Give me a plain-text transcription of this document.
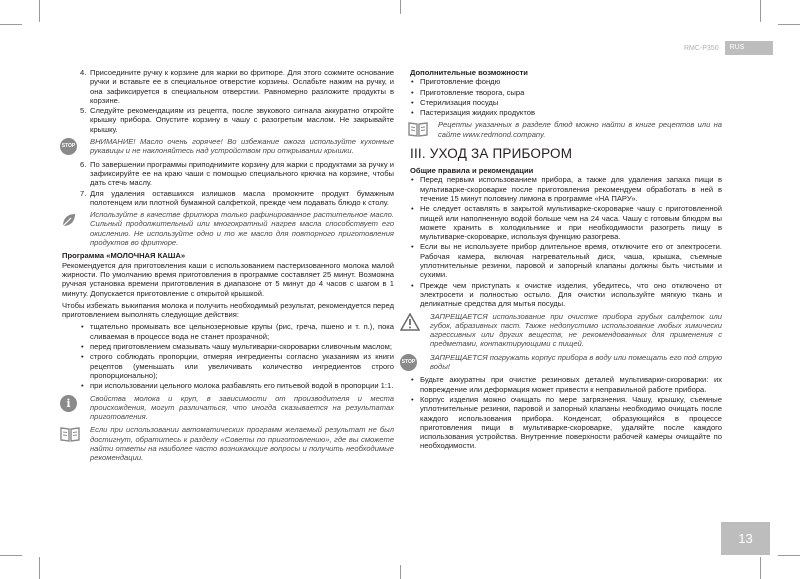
RMC-P350	RUS
4. Присоедините ручку к корзине для жарки во фритюре. Для этого сожмите основание ручки и вставьте ее в специальное отверстие корзины. Ослабьте нажим на ручку, и она зафиксируется в специальном отверстии. Равномерно разложите продукты в корзине.
5. Следуйте рекомендациям из рецепта, после звукового сигнала аккуратно откройте крышку прибора. Опустите корзину в чашу с разогретым маслом. Не закрывайте крышку.
STOP ВНИМАНИЕ! Масло очень горячее! Во избежание ожога используйте кухонные рукавицы и не наклоняйтесь над устройством при открывании крышки.
6. По завершении программы приподнимите корзину для жарки с продуктами за ручку и зафиксируйте ее на краю чаши с помощью специального крючка на корзине, чтобы дать стечь маслу.
7. Для удаления оставшихся излишков масла промокните продукт бумажным полотенцем или плотной бумажной салфеткой, прежде чем подавать блюдо к столу.
Используйте в качестве фритюра только рафинированное растительное масло. Сильный продолжительный или многократный нагрев масла способствует его окислению. Не используйте одно и то же масло для повторного приготовления продуктов во фритюре.
Программа «МОЛОЧНАЯ КАША»

Рекомендуется для приготовления каши с использованием пастеризованного молока малой жирности. По умолчанию время приготовления в программе составляет 25 минут. Возможна ручная установка времени приготовления в диапазоне от 5 минут до 4 часов с шагом в 1 минуту. Допускается приготовление с открытой крышкой.

Чтобы избежать выкипания молока и получить необходимый результат, рекомендуется перед приготовлением выполнять следующие действия:

• тщательно промывать все цельнозерновые крупы (рис, греча, пшено и т. п.), пока сливаемая в процессе вода не станет прозрачной;
• перед приготовлением смазывать чашу мультиварки-скороварки сливочным маслом;
• строго соблюдать пропорции, отмеряя ингредиенты согласно указаниям из книги рецептов (уменьшать или увеличивать количество ингредиентов строго пропорционально);
• при использовании цельного молока разбавлять его питьевой водой в пропорции 1:1.
i	Свойства молока и круп, в зависимости от производителя и места происхождения, могут различаться, что иногда сказывается на результатах приготовления.
Если при использовании автоматических программ желаемый результат не был достигнут, обратитесь к разделу «Советы по приготовлению», где вы сможете найти ответы на наиболее часто возникающие вопросы и получить необходимые рекомендации.
Дополнительные возможности
• Приготовление фондю
• Приготовление творога, сыра
• Стерилизация посуды
• Пастеризация жидких продуктов
Рецепты указанных в разделе блюд можно найти в книге рецептов или на сайте www.redmond.company.
III. УХОД ЗА ПРИБОРОМ
Общие правила и рекомендации
• Перед первым использованием прибора, а также для удаления запаха пищи в мультиварке-скороварке после приготовления рекомендуем обработать в ней в течение 15 минут половину лимона в программе «НА ПАРУ».
• Не следует оставлять в закрытой мультиварке-скороварке чашу с приготовленной пищей или наполненную водой больше чем на 24 часа. Чашу с готовым блюдом вы можете хранить в холодильнике и при необходимости разогреть пищу в мультиварке-скороварке, используя функцию разогрева.
• Если вы не используете прибор длительное время, отключите его от электросети. Рабочая камера, включая нагревательный диск, чаша, крышка, съемные уплотнительные резинки, паровой и запорный клапаны должны быть чистыми и сухими.
• Прежде чем приступать к очистке изделия, убедитесь, что оно отключено от электросети и полностью остыло. Для очистки используйте мягкую ткань и деликатные средства для мытья посуды.
ЗАПРЕЩАЕТСЯ использование при очистке прибора грубых салфеток или губок, абразивных паст. Также недопустимо использование любых химически агрессивных или других веществ, не рекомендованных для применения с предметами, контактирующими с пищей.
STOP ЗАПРЕЩАЕТСЯ погружать корпус прибора в воду или помещать его под струю воды!
• Будьте аккуратны при очистке резиновых деталей мультиварки-скороварки: их повреждение или деформация может привести к неправильной работе прибора.
• Корпус изделия можно очищать по мере загрязнения. Чашу, крышку, съемные уплотнительные резинки, паровой и запорный клапаны необходимо очищать после каждого использования прибора. Конденсат, образующийся в процессе приготовления пищи в мультиварке-скороварке, удаляйте после каждого использования устройства. Внутренние поверхности рабочей камеры очищайте по необходимости.
13
